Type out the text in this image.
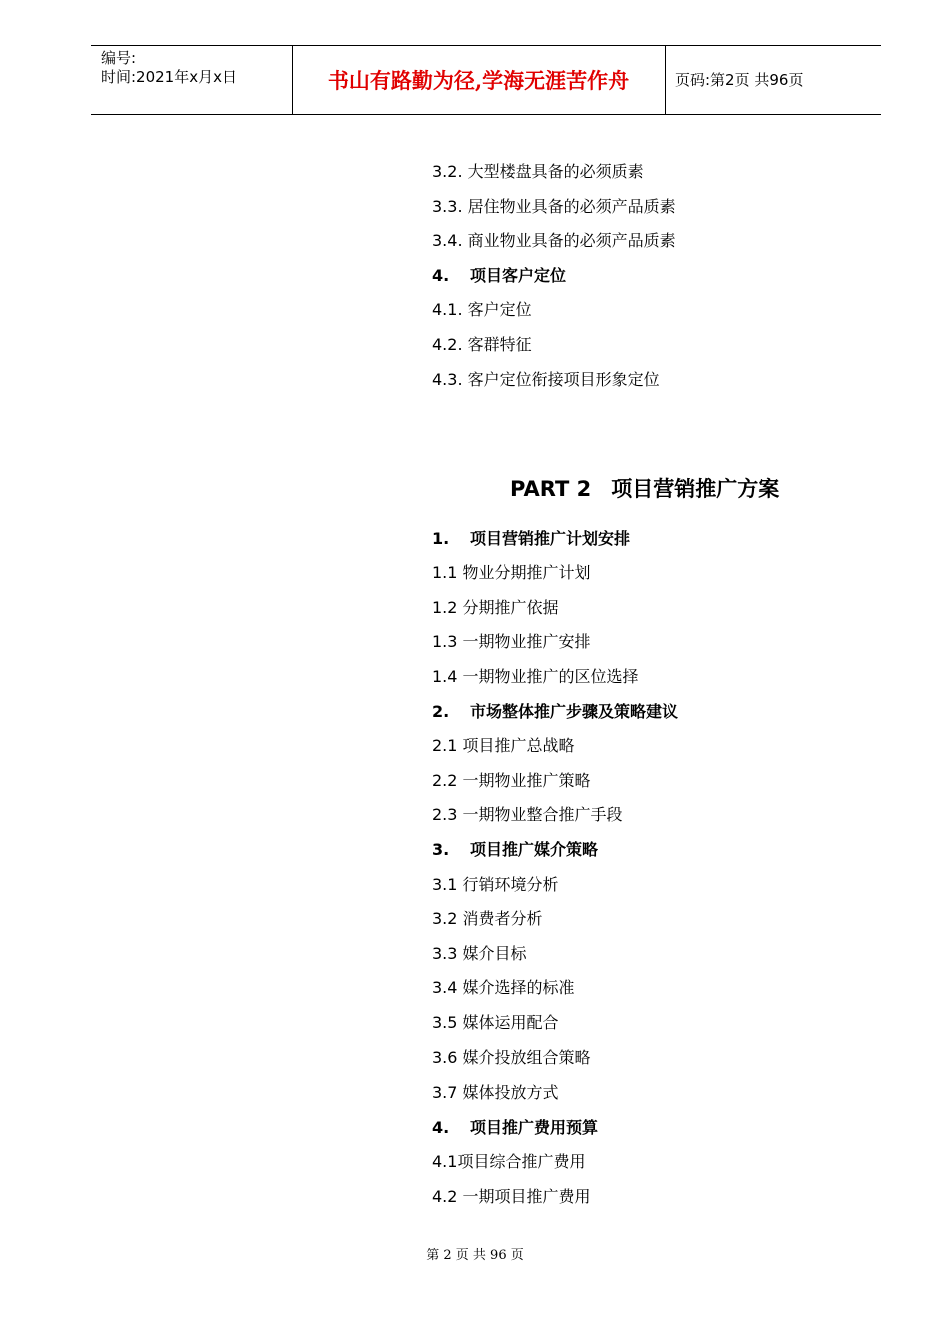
编号:
时间:2021年x月x日	书山有路勤为径,学海无涯苦作舟	页码:第2页 共96页
3.2. 大型楼盘具备的必须质素
3.3. 居住物业具备的必须产品质素
3.4. 商业物业具备的必须产品质素
4. 项目客户定位
4.1. 客户定位
4.2. 客群特征
4.3. 客户定位衔接项目形象定位
PART 2 项目营销推广方案
1. 项目营销推广计划安排
1.1 物业分期推广计划
1.2 分期推广依据
1.3 一期物业推广安排
1.4 一期物业推广的区位选择
2. 市场整体推广步骤及策略建议
2.1 项目推广总战略
2.2 一期物业推广策略
2.3 一期物业整合推广手段
3. 项目推广媒介策略
3.1 行销环境分析
3.2 消费者分析
3.3 媒介目标
3.4 媒介选择的标准
3.5 媒体运用配合
3.6 媒介投放组合策略
3.7 媒体投放方式
4. 项目推广费用预算
4.1项目综合推广费用
4.2 一期项目推广费用
第 2 页 共 96 页
